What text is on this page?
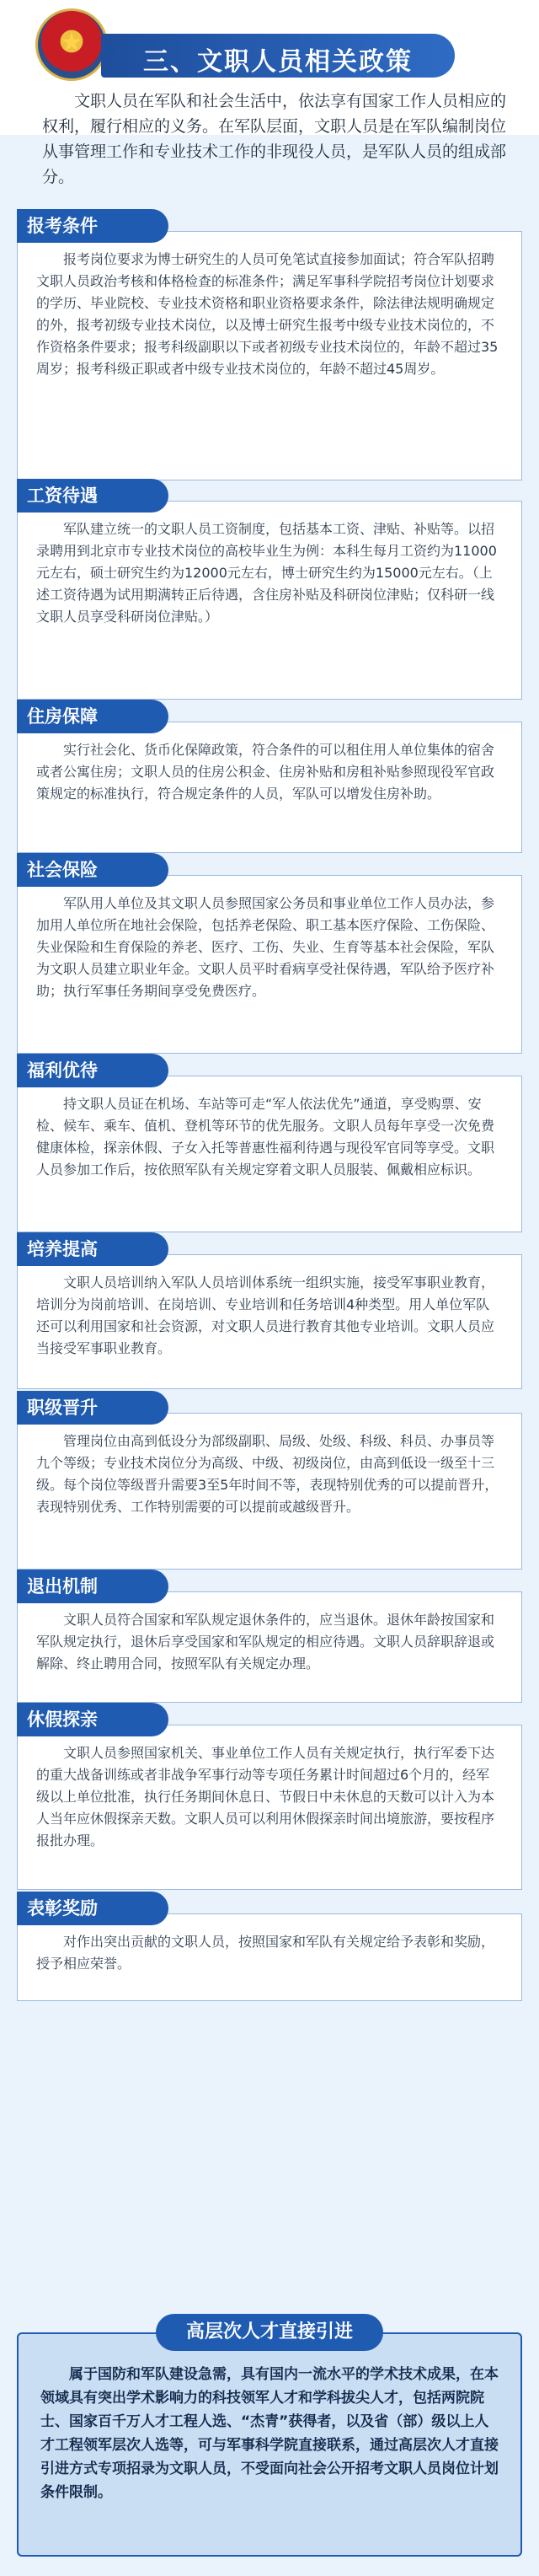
★
三、文职人员相关政策
文职人员在军队和社会生活中，依法享有国家工作人员相应的权利，履行相应的义务。在军队层面，文职人员是在军队编制岗位从事管理工作和专业技术工作的非现役人员，是军队人员的组成部分。
报考岗位要求为博士研究生的人员可免笔试直接参加面试；符合军队招聘文职人员政治考核和体格检查的标准条件；满足军事科学院招考岗位计划要求的学历、毕业院校、专业技术资格和职业资格要求条件，除法律法规明确规定的外，报考初级专业技术岗位，以及博士研究生报考中级专业技术岗位的，不作资格条件要求；报考科级副职以下或者初级专业技术岗位的，年龄不超过35周岁；报考科级正职或者中级专业技术岗位的，年龄不超过45周岁。
报考条件
军队建立统一的文职人员工资制度，包括基本工资、津贴、补贴等。以招录聘用到北京市专业技术岗位的高校毕业生为例：本科生每月工资约为11000元左右，硕士研究生约为12000元左右，博士研究生约为15000元左右。（上述工资待遇为试用期满转正后待遇，含住房补贴及科研岗位津贴；仅科研一线文职人员享受科研岗位津贴。）
工资待遇
实行社会化、货币化保障政策，符合条件的可以租住用人单位集体的宿舍或者公寓住房；文职人员的住房公积金、住房补贴和房租补贴参照现役军官政策规定的标准执行，符合规定条件的人员，军队可以增发住房补助。
住房保障
军队用人单位及其文职人员参照国家公务员和事业单位工作人员办法，参加用人单位所在地社会保险，包括养老保险、职工基本医疗保险、工伤保险、失业保险和生育保险的养老、医疗、工伤、失业、生育等基本社会保险，军队为文职人员建立职业年金。文职人员平时看病享受社保待遇，军队给予医疗补助；执行军事任务期间享受免费医疗。
社会保险
持文职人员证在机场、车站等可走“军人依法优先”通道，享受购票、安检、候车、乘车、值机、登机等环节的优先服务。文职人员每年享受一次免费健康体检，探亲休假、子女入托等普惠性福利待遇与现役军官同等享受。文职人员参加工作后，按依照军队有关规定穿着文职人员服装、佩戴相应标识。
福利优待
文职人员培训纳入军队人员培训体系统一组织实施，接受军事职业教育，培训分为岗前培训、在岗培训、专业培训和任务培训4种类型。用人单位军队还可以利用国家和社会资源，对文职人员进行教育其他专业培训。文职人员应当接受军事职业教育。
培养提高
管理岗位由高到低设分为部级副职、局级、处级、科级、科员、办事员等九个等级；专业技术岗位分为高级、中级、初级岗位，由高到低设一级至十三级。每个岗位等级晋升需要3至5年时间不等，表现特别优秀的可以提前晋升，表现特别优秀、工作特别需要的可以提前或越级晋升。
职级晋升
文职人员符合国家和军队规定退休条件的，应当退休。退休年龄按国家和军队规定执行，退休后享受国家和军队规定的相应待遇。文职人员辞职辞退或解除、终止聘用合同，按照军队有关规定办理。
退出机制
文职人员参照国家机关、事业单位工作人员有关规定执行，执行军委下达的重大战备训练或者非战争军事行动等专项任务累计时间超过6个月的，经军级以上单位批准，执行任务期间休息日、节假日中未休息的天数可以计入为本人当年应休假探亲天数。文职人员可以利用休假探亲时间出境旅游，要按程序报批办理。
休假探亲
对作出突出贡献的文职人员，按照国家和军队有关规定给予表彰和奖励，授予相应荣誉。
表彰奖励
属于国防和军队建设急需，具有国内一流水平的学术技术成果，在本领域具有突出学术影响力的科技领军人才和学科拔尖人才，包括两院院士、国家百千万人才工程人选、“杰青”获得者，以及省（部）级以上人才工程领军层次人选等，可与军事科学院直接联系，通过高层次人才直接引进方式专项招录为文职人员，不受面向社会公开招考文职人员岗位计划条件限制。
高层次人才直接引进
